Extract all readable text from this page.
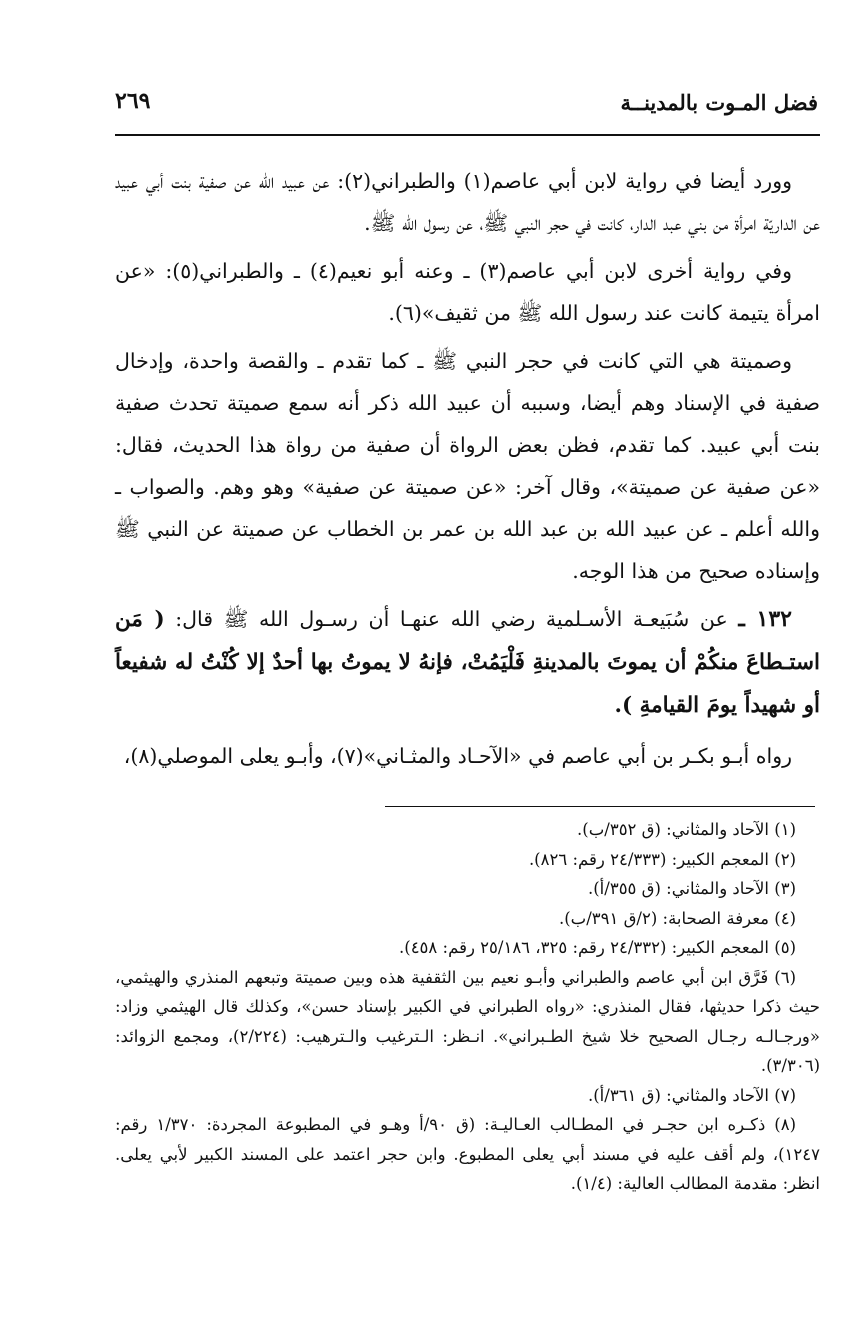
فضل المـوت بالمدينــة
٢٦٩

وورد أيضا في رواية لابن أبي عاصم(١) والطبراني(٢): عن عبيد الله عن صفية بنت أبي عبيد عن الداريّة امرأة من بني عبد الدار، كانت في حجر النبي ﷺ، عن رسول الله ﷺ.

وفي رواية أخرى لابن أبي عاصم(٣) ـ وعنه أبو نعيم(٤) ـ والطبراني(٥): «عن امرأة يتيمة كانت عند رسول الله ﷺ من ثقيف»(٦).

وصميتة هي التي كانت في حجر النبي ﷺ ـ كما تقدم ـ والقصة واحدة، وإدخال صفية في الإسناد وهم أيضا، وسببه أن عبيد الله ذكر أنه سمع صميتة تحدث صفية بنت أبي عبيد. كما تقدم، فظن بعض الرواة أن صفية من رواة هذا الحديث، فقال: «عن صفية عن صميتة»، وقال آخر: «عن صميتة عن صفية» وهو وهم. والصواب ـ والله أعلم ـ عن عبيد الله بن عبد الله بن عمر بن الخطاب عن صميتة عن النبي ﷺ وإسناده صحيح من هذا الوجه.

١٣٢ ـ عن سُبَيعـة الأسـلمية رضي الله عنهـا أن رسـول الله ﷺ قال: ( مَن استـطاعَ منكُمْ أن يموتَ بالمدينةِ فَلْيَمُتْ، فإنهُ لا يموتُ بها أحدٌ إلا كُنْتُ له شفيعاً أو شهيداً يومَ القيامةِ ).

رواه أبـو بكـر بن أبي عاصم في «الآحـاد والمثـاني»(٧)، وأبـو يعلى الموصلي(٨)،

(١) الآحاد والمثاني: (ق ٣٥٢/ب).

(٢) المعجم الكبير: (٢٤/٣٣٣ رقم: ٨٢٦).

(٣) الآحاد والمثاني: (ق ٣٥٥/أ).

(٤) معرفة الصحابة: (٢/ق ٣٩١/ب).

(٥) المعجم الكبير: (٢٤/٣٣٢ رقم: ٣٢٥، ٢٥/١٨٦ رقم: ٤٥٨).

(٦) فَرَّق ابن أبي عاصم والطبراني وأبـو نعيم بين الثقفية هذه وبين صميتة وتبعهم المنذري والهيثمي، حيث ذكرا حديثها، فقال المنذري: «رواه الطبراني في الكبير بإسناد حسن»، وكذلك قال الهيثمي وزاد: «ورجـالـه رجـال الصحيح خلا شيخ الطـبراني». انـظر: الـترغيب والـترهيب: (٢/٢٢٤)، ومجمع الزوائد: (٣/٣٠٦).

(٧) الآحاد والمثاني: (ق ٣٦١/أ).

(٨) ذكـره ابن حجـر في المطـالب العـاليـة: (ق ٩٠/أ وهـو في المطبوعة المجردة: ١/٣٧٠ رقم: ١٢٤٧)، ولم أقف عليه في مسند أبي يعلى المطبوع. وابن حجر اعتمد على المسند الكبير لأبي يعلى. انظر: مقدمة المطالب العالية: (١/٤).
